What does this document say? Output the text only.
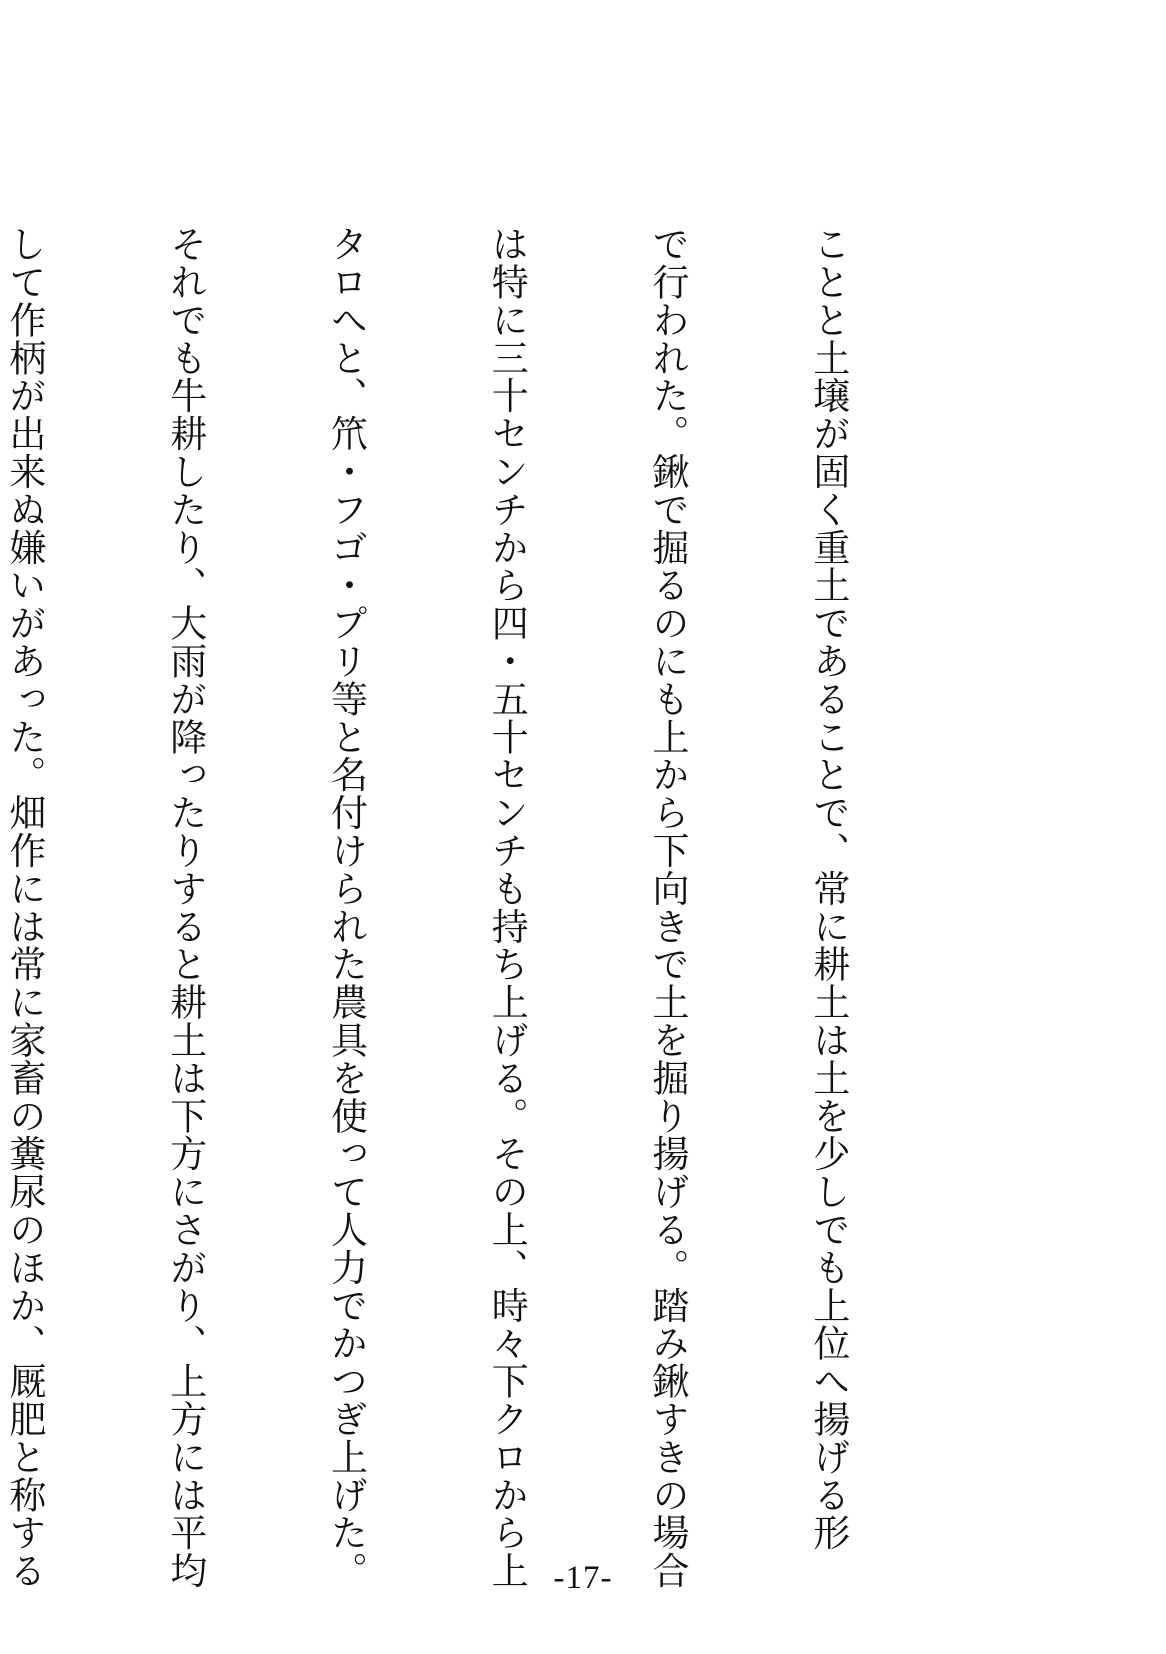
ことと土壌が固く重土であることで、常に耕土は土を少しでも上位へ揚げる形

で行われた。鍬で掘るのにも上から下向きで土を掘り揚げる。踏み鍬すきの場合

は特に三十センチから四・五十センチも持ち上げる。その上、時々下クロから上

タロへと、笊・フゴ・プリ等と名付けられた農具を使って人力でかつぎ上げた。

それでも牛耕したり、大雨が降ったりすると耕土は下方にさがり、上方には平均

して作柄が出来ぬ嫌いがあった。畑作には常に家畜の糞尿のほか、厩肥と称する

	-17-
